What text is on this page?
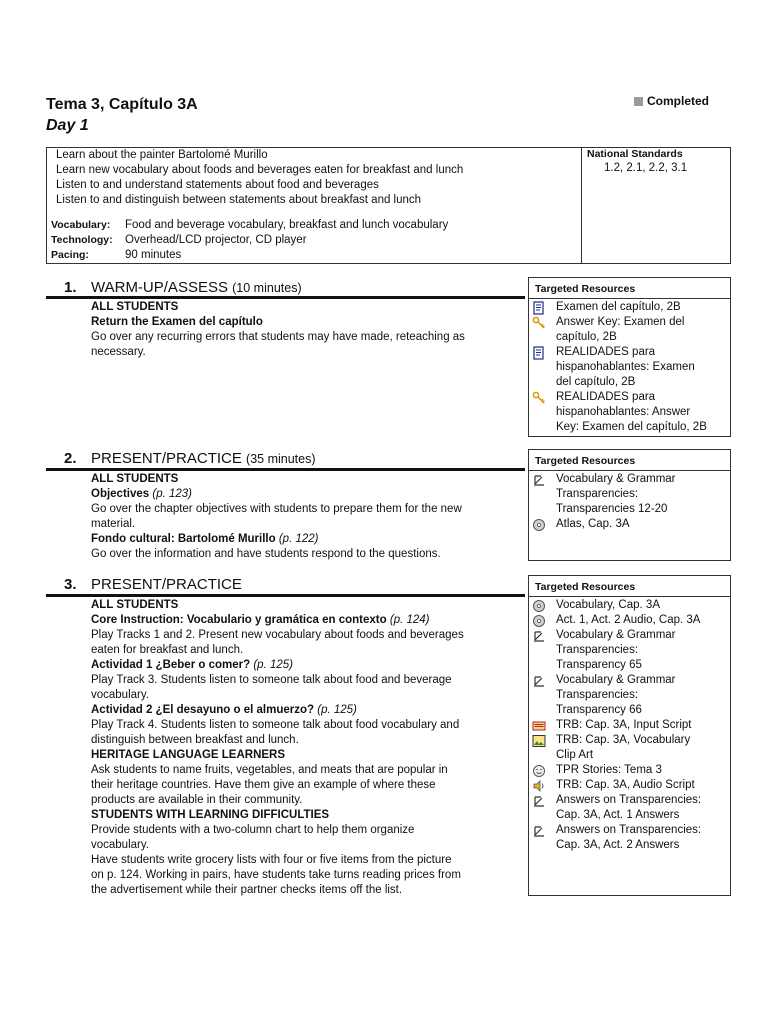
Tema 3, Capítulo 3A
Day 1
Completed
Learn about the painter Bartolomé Murillo
Learn new vocabulary about foods and beverages eaten for breakfast and lunch
Listen to and understand statements about food and beverages
Listen to and distinguish between statements about breakfast and lunch
National Standards
1.2, 2.1, 2.2, 3.1
Vocabulary:	Food and beverage vocabulary, breakfast and lunch vocabulary
Technology:	Overhead/LCD projector, CD player
Pacing:	90 minutes
1. WARM-UP/ASSESS (10 minutes)
ALL STUDENTS
Return the Examen del capítulo
Go over any recurring errors that students may have made, reteaching as
necessary.
Targeted Resources
Examen del capítulo, 2B
Answer Key: Examen del
capítulo, 2B
REALIDADES para
hispanohablantes: Examen
del capítulo, 2B
REALIDADES para
hispanohablantes: Answer
Key: Examen del capítulo, 2B
2. PRESENT/PRACTICE (35 minutes)
ALL STUDENTS
Objectives (p. 123)
Go over the chapter objectives with students to prepare them for the new
material.
Fondo cultural: Bartolomé Murillo (p. 122)
Go over the information and have students respond to the questions.
Targeted Resources
Vocabulary & Grammar
Transparencies:
Transparencies 12-20
Atlas, Cap. 3A
3. PRESENT/PRACTICE
ALL STUDENTS
Core Instruction: Vocabulario y gramática en contexto (p. 124)
Play Tracks 1 and 2. Present new vocabulary about foods and beverages
eaten for breakfast and lunch.
Actividad 1 ¿Beber o comer? (p. 125)
Play Track 3. Students listen to someone talk about food and beverage
vocabulary.
Actividad 2 ¿El desayuno o el almuerzo? (p. 125)
Play Track 4. Students listen to someone talk about food vocabulary and
distinguish between breakfast and lunch.
HERITAGE LANGUAGE LEARNERS
Ask students to name fruits, vegetables, and meats that are popular in
their heritage countries. Have them give an example of where these
products are available in their community.
STUDENTS WITH LEARNING DIFFICULTIES
Provide students with a two-column chart to help them organize
vocabulary.
Have students write grocery lists with four or five items from the picture
on p. 124. Working in pairs, have students take turns reading prices from
the advertisement while their partner checks items off the list.
Targeted Resources
Vocabulary, Cap. 3A
Act. 1, Act. 2 Audio, Cap. 3A
Vocabulary & Grammar
Transparencies:
Transparency 65
Vocabulary & Grammar
Transparencies:
Transparency 66
TRB: Cap. 3A, Input Script
TRB: Cap. 3A, Vocabulary
Clip Art
TPR Stories: Tema 3
TRB: Cap. 3A, Audio Script
Answers on Transparencies:
Cap. 3A, Act. 1 Answers
Answers on Transparencies:
Cap. 3A, Act. 2 Answers
